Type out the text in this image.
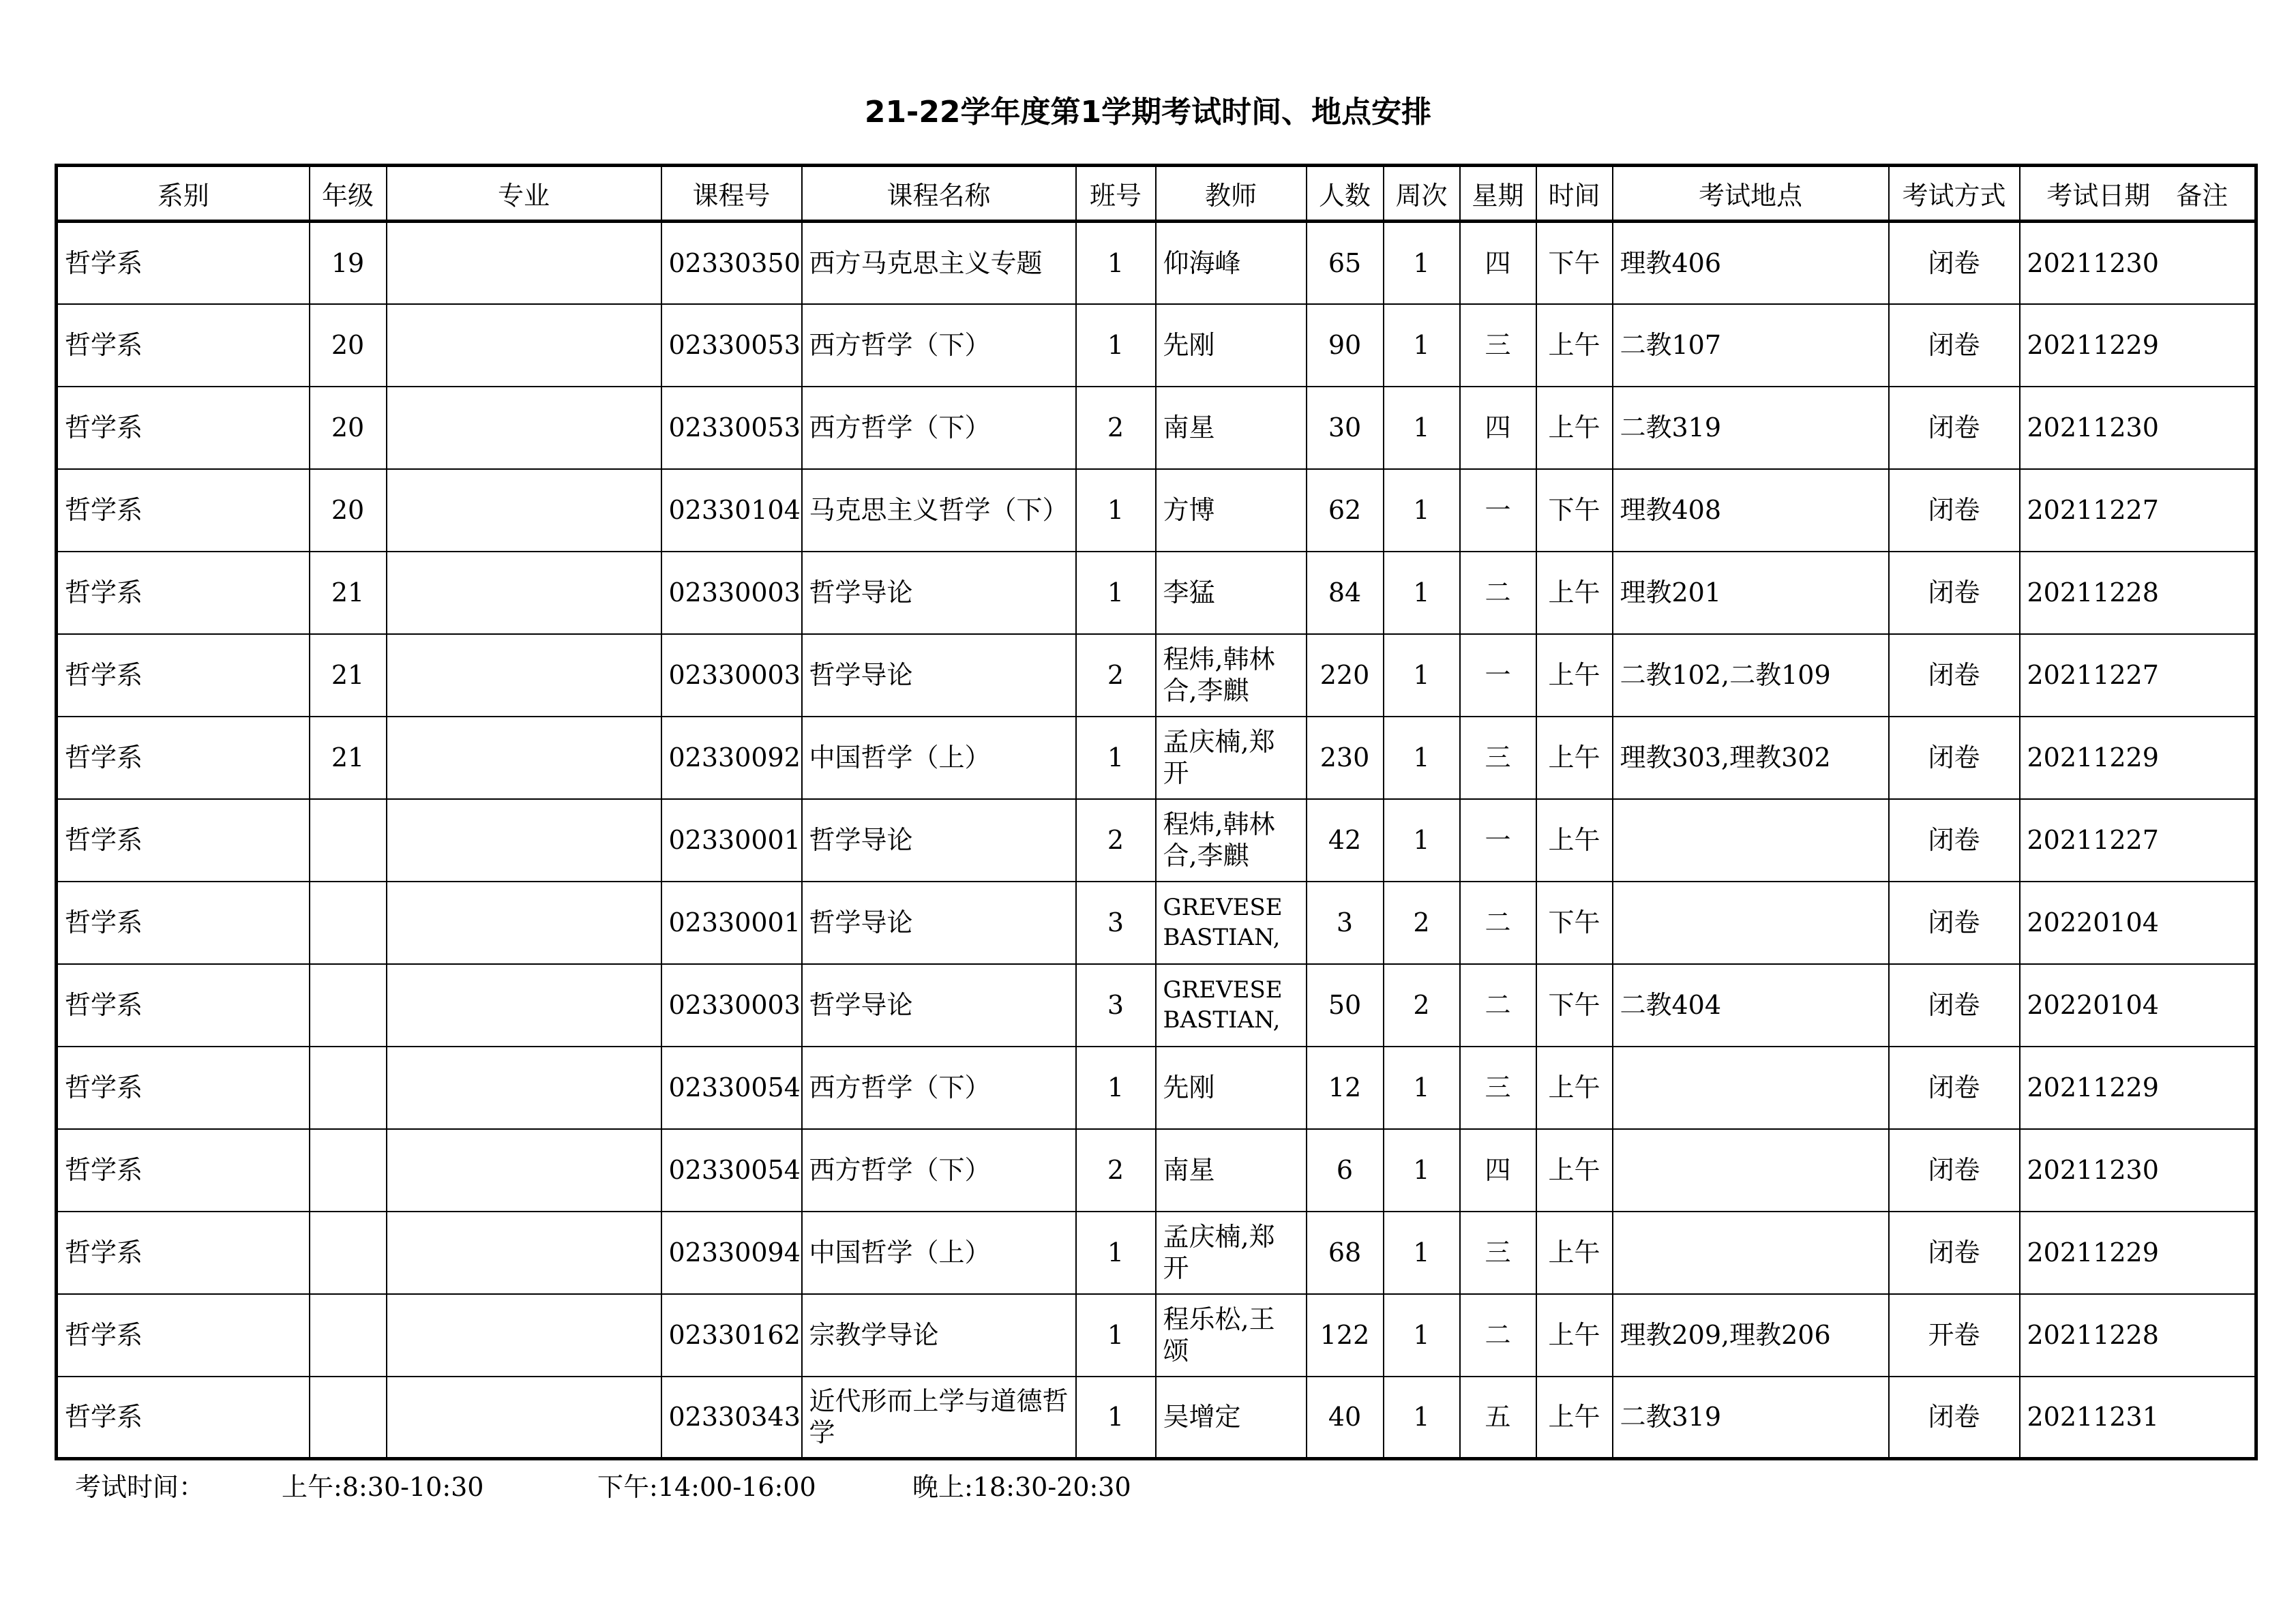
21-22学年度第1学期考试时间、地点安排
系别	年级	专业	课程号	课程名称	班号	教师	人数	周次	星期	时间	考试地点	考试方式	考试日期　备注
哲学系	19		02330350	西方马克思主义专题	1	仰海峰	65	1	四	下午	理教406	闭卷	20211230
哲学系	20		02330053	西方哲学（下）	1	先刚	90	1	三	上午	二教107	闭卷	20211229
哲学系	20		02330053	西方哲学（下）	2	南星	30	1	四	上午	二教319	闭卷	20211230
哲学系	20		02330104	马克思主义哲学（下）	1	方博	62	1	一	下午	理教408	闭卷	20211227
哲学系	21		02330003	哲学导论	1	李猛	84	1	二	上午	理教201	闭卷	20211228
哲学系	21		02330003	哲学导论	2	程炜,韩林合,李麒	220	1	一	上午	二教102,二教109	闭卷	20211227
哲学系	21		02330092	中国哲学（上）	1	孟庆楠,郑开	230	1	三	上午	理教303,理教302	闭卷	20211229
哲学系			02330001	哲学导论	2	程炜,韩林合,李麒	42	1	一	上午		闭卷	20211227
哲学系			02330001	哲学导论	3	GREVESEBASTIAN,	3	2	二	下午		闭卷	20220104
哲学系			02330003	哲学导论	3	GREVESEBASTIAN,	50	2	二	下午	二教404	闭卷	20220104
哲学系			02330054	西方哲学（下）	1	先刚	12	1	三	上午		闭卷	20211229
哲学系			02330054	西方哲学（下）	2	南星	6	1	四	上午		闭卷	20211230
哲学系			02330094	中国哲学（上）	1	孟庆楠,郑开	68	1	三	上午		闭卷	20211229
哲学系			02330162	宗教学导论	1	程乐松,王颂	122	1	二	上午	理教209,理教206	开卷	20211228
哲学系			02330343	近代形而上学与道德哲学	1	吴增定	40	1	五	上午	二教319	闭卷	20211231
考试时间：	上午:8:30-10:30	下午:14:00-16:00	晚上:18:30-20:30
